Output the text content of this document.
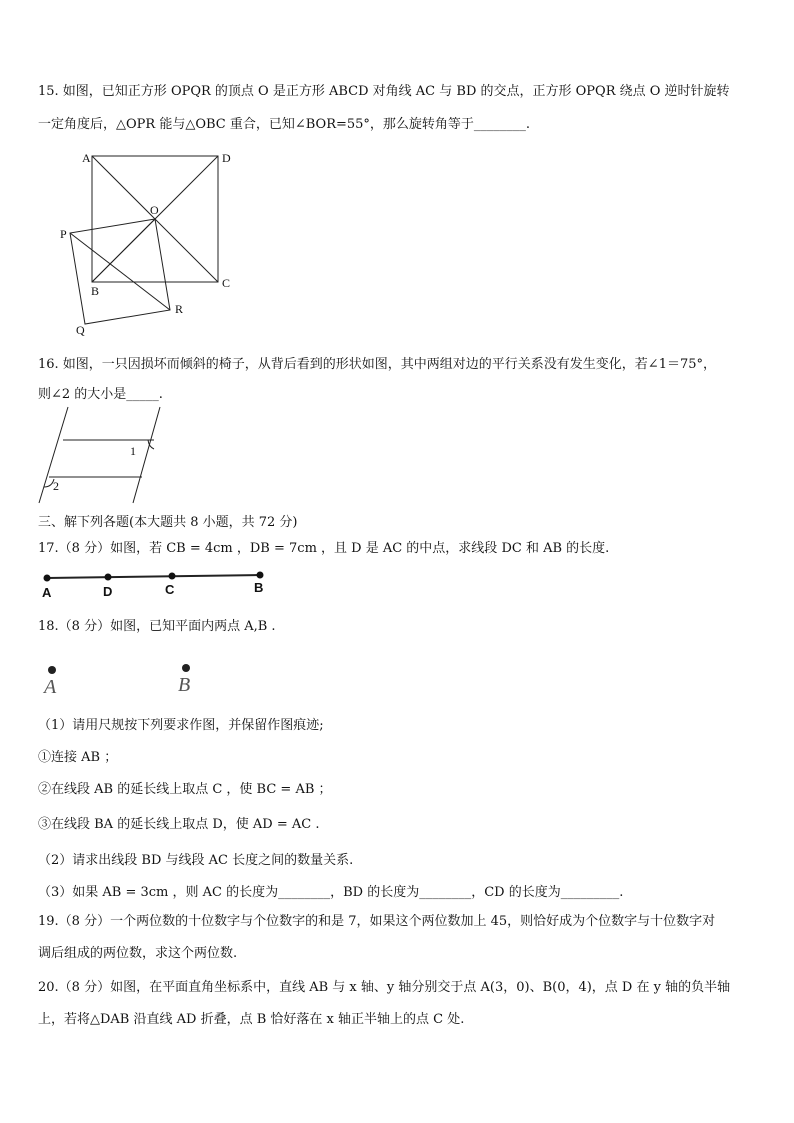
15. 如图，已知正方形 OPQR 的顶点 O 是正方形 ABCD 对角线 AC 与 BD 的交点，正方形 OPQR 绕点 O 逆时针旋转
一定角度后，△OPR 能与△OBC 重合，已知∠BOR=55°，那么旋转角等于________.
A	D
O
P
B
C
R
Q
16. 如图，一只因损坏而倾斜的椅子，从背后看到的形状如图，其中两组对边的平行关系没有发生变化，若∠1＝75°，
则∠2 的大小是_____.
1
2
三、解下列各题(本大题共 8 小题，共 72 分)
17.（8 分）如图，若 CB = 4cm ，DB = 7cm ，且 D 是 AC 的中点，求线段 DC 和 AB 的长度.
A	D	C	B
18.（8 分）如图，已知平面内两点 A,B .
A	B
（1）请用尺规按下列要求作图，并保留作图痕迹;
①连接 AB ；
②在线段 AB 的延长线上取点 C ，使 BC = AB ；
③在线段 BA 的延长线上取点 D，使 AD = AC .
（2）请求出线段 BD 与线段 AC 长度之间的数量关系.
（3）如果 AB = 3cm ，则 AC 的长度为________，BD 的长度为________，CD 的长度为_________.
19.（8 分）一个两位数的十位数字与个位数字的和是 7，如果这个两位数加上 45，则恰好成为个位数字与十位数字对
调后组成的两位数，求这个两位数.
20.（8 分）如图，在平面直角坐标系中，直线 AB 与 x 轴、y 轴分别交于点 A(3，0)、B(0，4)，点 D 在 y 轴的负半轴
上，若将△DAB 沿直线 AD 折叠，点 B 恰好落在 x 轴正半轴上的点 C 处.
